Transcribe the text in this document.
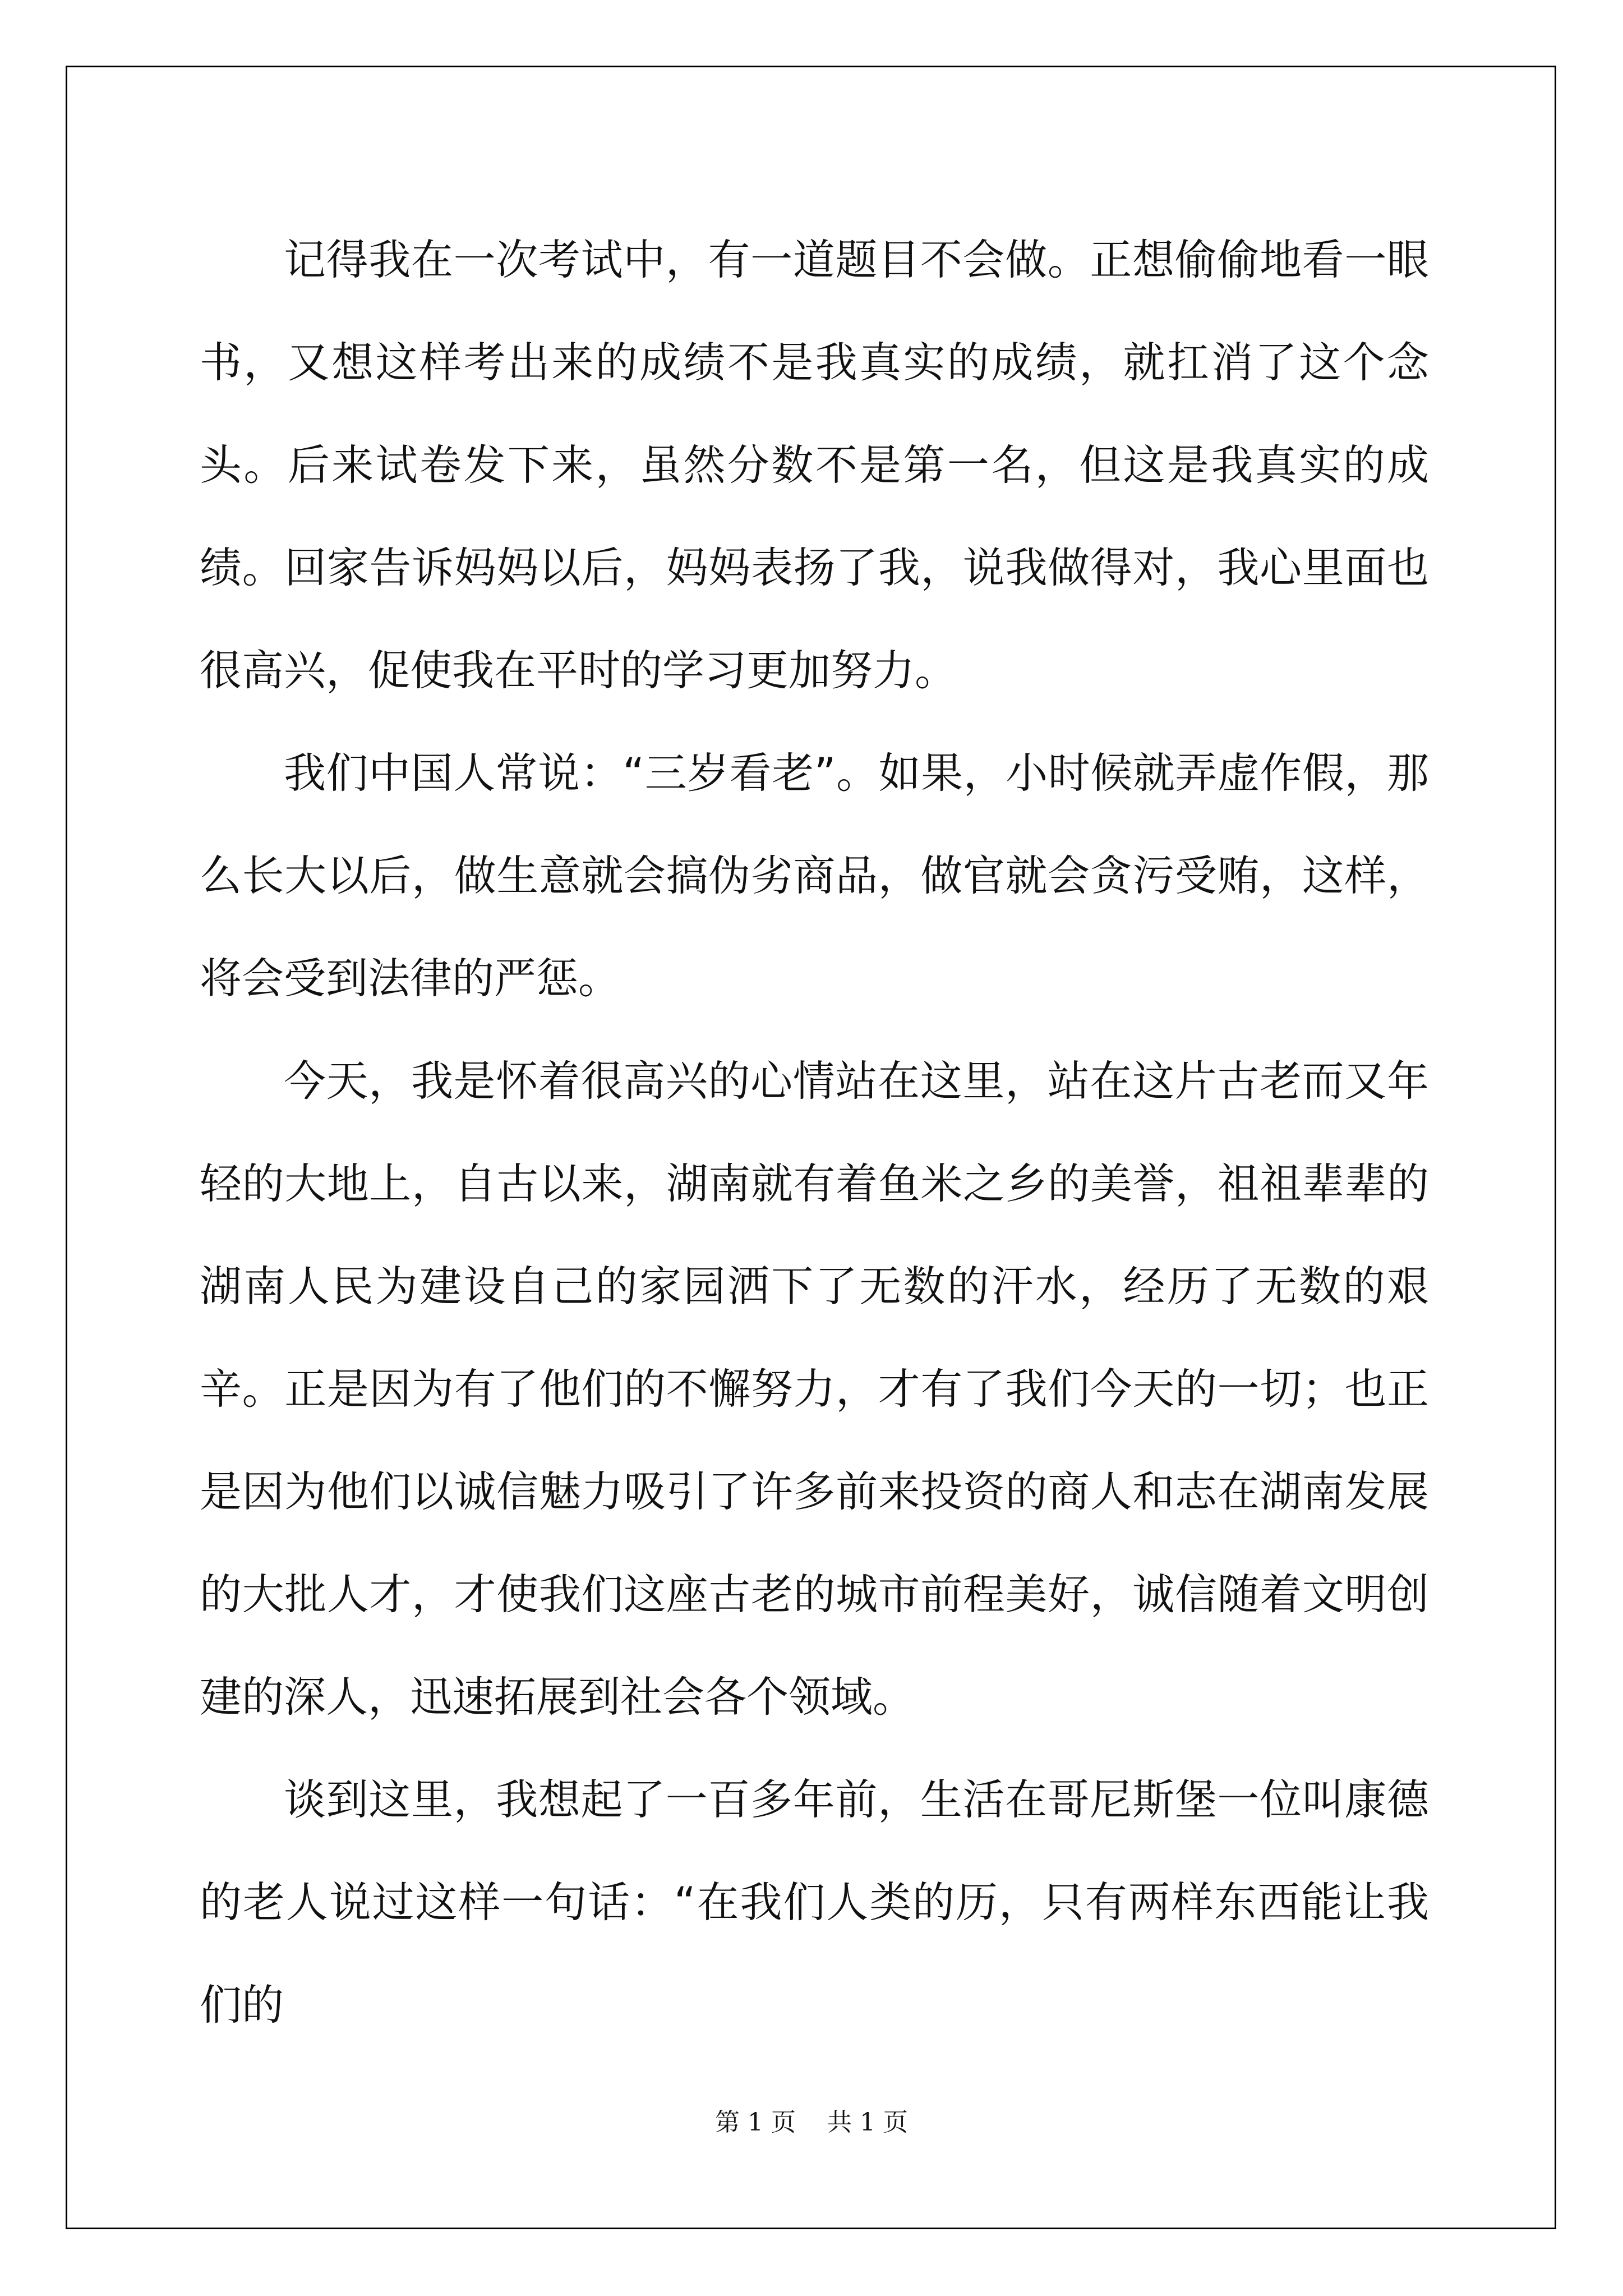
记得我在一次考试中，有一道题目不会做。正想偷偷地看一眼书，又想这样考出来的成绩不是我真实的成绩，就扛消了这个念头。后来试卷发下来，虽然分数不是第一名，但这是我真实的成绩。回家告诉妈妈以后，妈妈表扬了我，说我做得对，我心里面也很高兴，促使我在平时的学习更加努力。

我们中国人常说：“三岁看老”。如果，小时候就弄虚作假，那么长大以后，做生意就会搞伪劣商品，做官就会贪污受贿，这样，将会受到法律的严惩。

今天，我是怀着很高兴的心情站在这里，站在这片古老而又年轻的大地上，自古以来，湖南就有着鱼米之乡的美誉，祖祖辈辈的湖南人民为建设自己的家园洒下了无数的汗水，经历了无数的艰辛。正是因为有了他们的不懈努力，才有了我们今天的一切；也正是因为他们以诚信魅力吸引了许多前来投资的商人和志在湖南发展的大批人才，才使我们这座古老的城市前程美好，诚信随着文明创建的深人，迅速拓展到社会各个领域。

谈到这里，我想起了一百多年前，生活在哥尼斯堡一位叫康德的老人说过这样一句话：“在我们人类的历，只有两样东西能让我们的

第 1 页    共 1 页
